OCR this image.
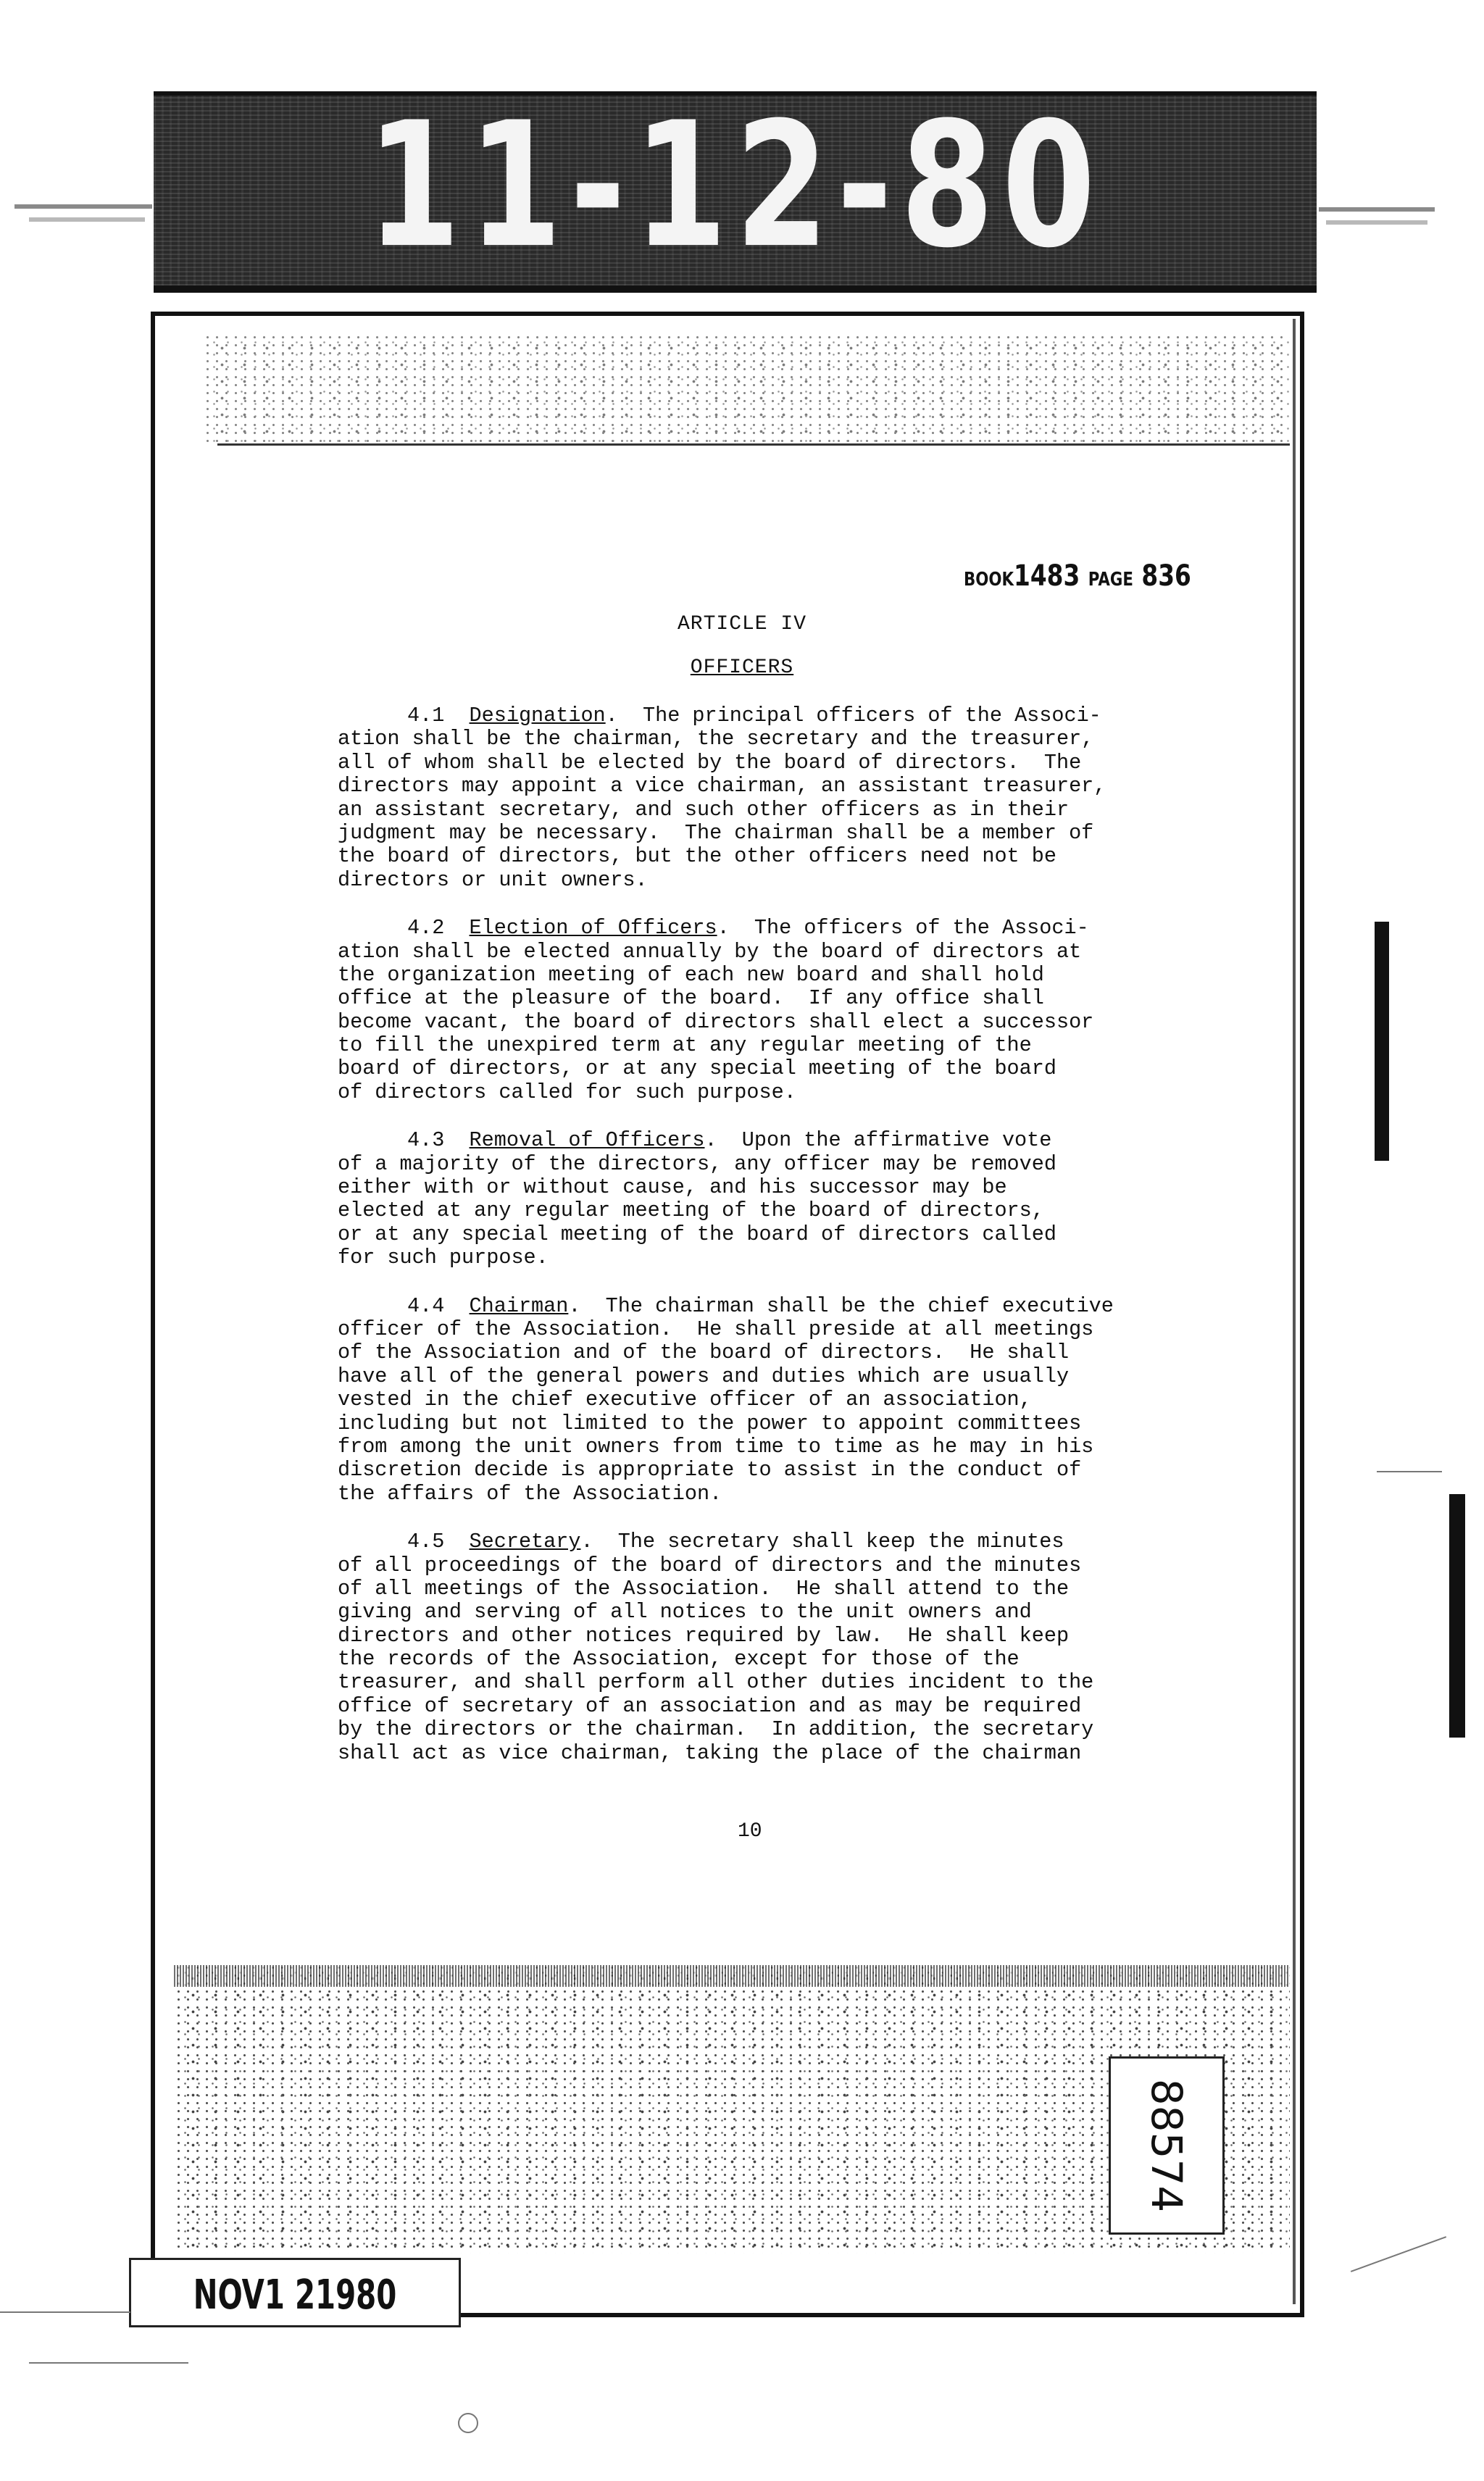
11-12-80
BOOK1483 PAGE 836
ARTICLE IV
OFFICERS
4.1 Designation.  The principal officers of the Associ-
ation shall be the chairman, the secretary and the treasurer,
all of whom shall be elected by the board of directors.  The
directors may appoint a vice chairman, an assistant treasurer,
an assistant secretary, and such other officers as in their
judgment may be necessary.  The chairman shall be a member of
the board of directors, but the other officers need not be
directors or unit owners.
4.2 Election of Officers.  The officers of the Associ-
ation shall be elected annually by the board of directors at
the organization meeting of each new board and shall hold
office at the pleasure of the board.  If any office shall
become vacant, the board of directors shall elect a successor
to fill the unexpired term at any regular meeting of the
board of directors, or at any special meeting of the board
of directors called for such purpose.
4.3 Removal of Officers.  Upon the affirmative vote
of a majority of the directors, any officer may be removed
either with or without cause, and his successor may be
elected at any regular meeting of the board of directors,
or at any special meeting of the board of directors called
for such purpose.
4.4 Chairman.  The chairman shall be the chief executive
officer of the Association.  He shall preside at all meetings
of the Association and of the board of directors.  He shall
have all of the general powers and duties which are usually
vested in the chief executive officer of an association,
including but not limited to the power to appoint committees
from among the unit owners from time to time as he may in his
discretion decide is appropriate to assist in the conduct of
the affairs of the Association.
4.5 Secretary.  The secretary shall keep the minutes
of all proceedings of the board of directors and the minutes
of all meetings of the Association.  He shall attend to the
giving and serving of all notices to the unit owners and
directors and other notices required by law.  He shall keep
the records of the Association, except for those of the
treasurer, and shall perform all other duties incident to the
office of secretary of an association and as may be required
by the directors or the chairman.  In addition, the secretary
shall act as vice chairman, taking the place of the chairman
10
88574
NOV1 21980
